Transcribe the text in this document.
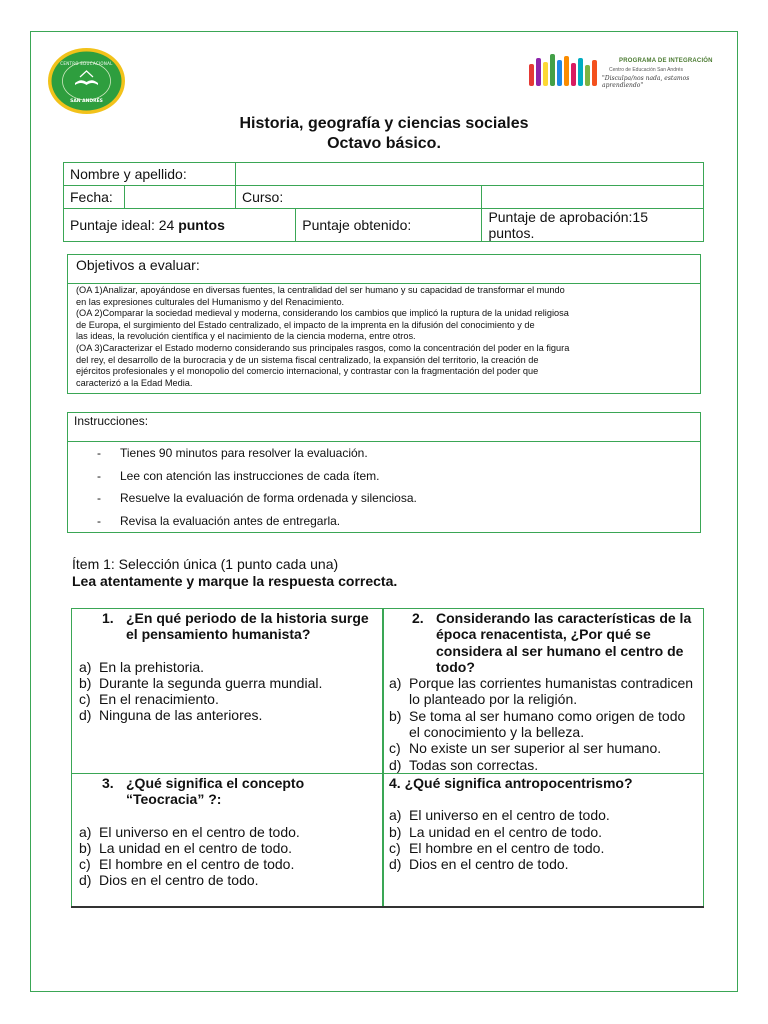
CENTRO EDUCACIONAL
SAN ANDRÉS
PROGRAMA DE INTEGRACIÓN
Centro de Educación San Andrés
"Disculpa/nos nada, estamos aprendiendo"
Historia, geografía y ciencias sociales
Octavo básico.
Nombre y apellido:				
Fecha:		Curso:		
Puntaje ideal: 24 puntos			Puntaje obtenido:	Puntaje de aprobación:15 puntos.
Objetivos a evaluar:
(OA 1)Analizar, apoyándose en diversas fuentes, la centralidad del ser humano y su capacidad de transformar el mundo
en las expresiones culturales del Humanismo y del Renacimiento.
(OA 2)Comparar la sociedad medieval y moderna, considerando los cambios que implicó la ruptura de la unidad religiosa
de Europa, el surgimiento del Estado centralizado, el impacto de la imprenta en la difusión del conocimiento y de
las ideas, la revolución científica y el nacimiento de la ciencia moderna, entre otros.
(OA 3)Caracterizar el Estado moderno considerando sus principales rasgos, como la concentración del poder en la figura
del rey, el desarrollo de la burocracia y de un sistema fiscal centralizado, la expansión del territorio, la creación de
ejércitos profesionales y el monopolio del comercio internacional, y contrastar con la fragmentación del poder que
caracterizó a la Edad Media.
Instrucciones:
- Tienes 90 minutos para resolver la evaluación.
- Lee con atención las instrucciones de cada ítem.
- Resuelve la evaluación de forma ordenada y silenciosa.
- Revisa la evaluación antes de entregarla.
Ítem 1: Selección única (1 punto cada una)
Lea atentamente y marque la respuesta correcta.
1. ¿En qué periodo de la historia surge
el pensamiento humanista?
a) En la prehistoria.
b) Durante la segunda guerra mundial.
c) En el renacimiento.
d) Ninguna de las anteriores.
2. Considerando las características de la
época renacentista, ¿Por qué se
considera al ser humano el centro de
todo?
a) Porque las corrientes humanistas contradicen
lo planteado por la religión.
b) Se toma al ser humano como origen de todo
el conocimiento y la belleza.
c) No existe un ser superior al ser humano.
d) Todas son correctas.
3. ¿Qué significa el concepto
“Teocracia” ?:
a) El universo en el centro de todo.
b) La unidad en el centro de todo.
c) El hombre en el centro de todo.
d) Dios en el centro de todo.
4. ¿Qué significa antropocentrismo?
a) El universo en el centro de todo.
b) La unidad en el centro de todo.
c) El hombre en el centro de todo.
d) Dios en el centro de todo.
